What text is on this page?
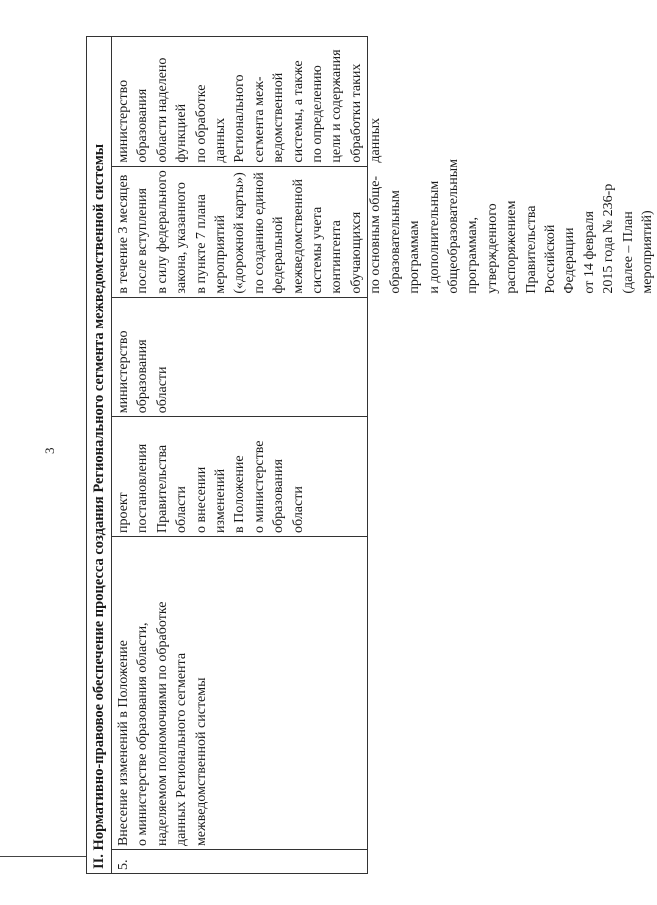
3 II. Нормативно-правовое обеспечение процесса создания Регионального сегмента межведомственной системы 5.
Внесение изменений в Положение о министерстве образования области, наделяемом полномочиями по обработке данных Регионального сегмента межведомственной системы
проект постановления Правительства области о внесении изменений в Положение о министерстве образования области
министерство образования области
в течение 3 месяцев после вступления в силу федерального закона, указанного в пункте 7 плана мероприятий («дорожной карты») по созданию единой федеральной межведомственной системы учета контингента обучающихся по основным обще- образовательным программам и дополнительным общеобразовательным программам, утвержденного распоряжением Правительства Российской Федерации от 14 февраля 2015 года № 236-р (далее – План мероприятий)
министерство образования области наделено функцией по обработке данных Регионального сегмента меж- ведомственной системы, а также по определению цели и содержания обработки таких данных
